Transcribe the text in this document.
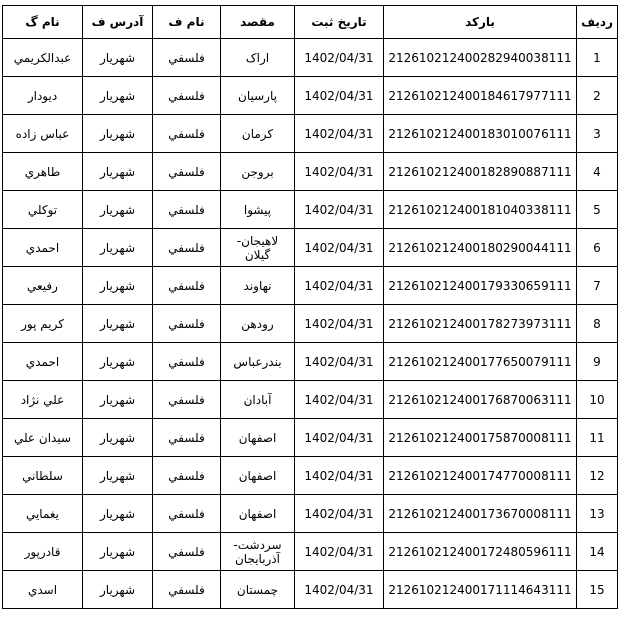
ردیف	بارکد	تاریخ ثبت	مقصد	نام ف	آدرس ف	نام گ
1	212610212400282940038111	1402/04/31	اراک	فلسفي	شهريار	عبدالکريمي
2	212610212400184617977111	1402/04/31	پارسيان	فلسفي	شهريار	ديودار
3	212610212400183010076111	1402/04/31	کرمان	فلسفي	شهريار	عباس زاده
4	212610212400182890887111	1402/04/31	بروجن	فلسفي	شهريار	طاهري
5	212610212400181040338111	1402/04/31	پيشوا	فلسفي	شهريار	توکلي
6	212610212400180290044111	1402/04/31	لاهيجان- گيلان	فلسفي	شهريار	احمدي
7	212610212400179330659111	1402/04/31	نهاوند	فلسفي	شهريار	رفيعي
8	212610212400178273973111	1402/04/31	رودهن	فلسفي	شهريار	کريم پور
9	212610212400177650079111	1402/04/31	بندرعباس	فلسفي	شهريار	احمدي
10	212610212400176870063111	1402/04/31	آبادان	فلسفي	شهريار	علي نژاد
11	212610212400175870008111	1402/04/31	اصفهان	فلسفي	شهريار	سيدان علي
12	212610212400174770008111	1402/04/31	اصفهان	فلسفي	شهريار	سلطاني
13	212610212400173670008111	1402/04/31	اصفهان	فلسفي	شهريار	يغمايي
14	212610212400172480596111	1402/04/31	سردشت- آذربايجان	فلسفي	شهريار	قادرپور
15	212610212400171114643111	1402/04/31	چمستان	فلسفي	شهريار	اسدي
